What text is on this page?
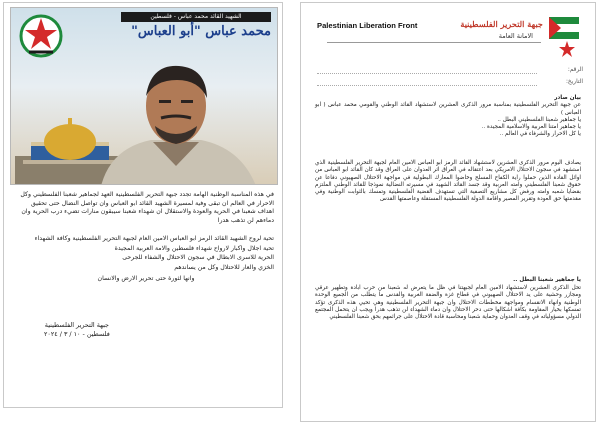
الشهيد القائد محمد عباس - فلسطين
محمد عباس "أبو العباس"

في هذه المناسبة الوطنية الهامة تجدد جبهة التحرير الفلسطينية العهد لجماهير شعبنا الفلسطيني وكل الاحرار في العالم ان تبقى وفية لمسيرة الشهيد القائد ابو العباس وان تواصل النضال حتى تحقيق اهداف شعبنا في الحرية والعودة والاستقلال ان شهداء شعبنا سيبقون منارات تضيء درب الحرية وان دماءهم لن تذهب هدرا

تحية لروح الشهيد القائد الرمز ابو العباس الامين العام لجبهة التحرير الفلسطينية وكافة الشهداء
تحية اجلال واكبار لارواح شهداء فلسطين والامة العربية المجيدة
الحرية للاسرى الابطال في سجون الاحتلال والشفاء للجرحى
الخزي والعار للاحتلال وكل من يساندهم

وانها لثورة حتى تحرير الارض والانسان

جبهة التحرير الفلسطينية
فلسطين - ١٠ / ٣ / ٢٠٢٤
Palestinian Liberation Front	جبهة التحرير الفلسطينية
الامانة العامة
الرقم:
التاريخ:
بيان صادر
عن جبهة التحرير الفلسطينية بمناسبة مرور الذكرى العشرين لاستشهاد القائد الوطني والقومي محمد عباس ( ابو العباس )
يا جماهير شعبنا الفلسطيني البطل ..
يا جماهير امتنا العربية والاسلامية المجيدة ..
يا كل الاحرار والشرفاء في العالم ..

يصادف اليوم مرور الذكرى العشرين لاستشهاد القائد الرمز ابو العباس الامين العام لجبهة التحرير الفلسطينية الذي استشهد في سجون الاحتلال الامريكي بعد اعتقاله في العراق اثر العدوان على العراق وقد كان القائد ابو العباس من اوائل القادة الذين حملوا راية الكفاح المسلح وخاضوا المعارك البطولية في مواجهة الاحتلال الصهيوني دفاعا عن حقوق شعبنا الفلسطيني وامته العربية وقد جسد القائد الشهيد في مسيرته النضالية نموذجا للقائد الوطني الملتزم بقضايا شعبه وامته ورفض كل مشاريع التصفية التي تستهدف القضية الفلسطينية وتمسك بالثوابت الوطنية وفي مقدمتها حق العودة وتقرير المصير واقامة الدولة الفلسطينية المستقلة وعاصمتها القدس

يا جماهير شعبنا البطل ..

تحل الذكرى العشرين لاستشهاد الامين العام لجبهتنا في ظل ما يتعرض له شعبنا من حرب ابادة وتطهير عرقي ومجازر وحشية على يد الاحتلال الصهيوني في قطاع غزة والضفة الغربية والقدس ما يتطلب من الجميع الوحدة الوطنية وانهاء الانقسام ومواجهة مخططات الاحتلال وان جبهة التحرير الفلسطينية وهي تحيي هذه الذكرى تؤكد تمسكها بخيار المقاومة بكافة اشكالها حتى دحر الاحتلال وان دماء الشهداء لن تذهب هدرا ويجب ان يتحمل المجتمع الدولي مسؤولياته في وقف العدوان وحماية شعبنا ومحاسبة قادة الاحتلال على جرائمهم بحق شعبنا الفلسطيني
